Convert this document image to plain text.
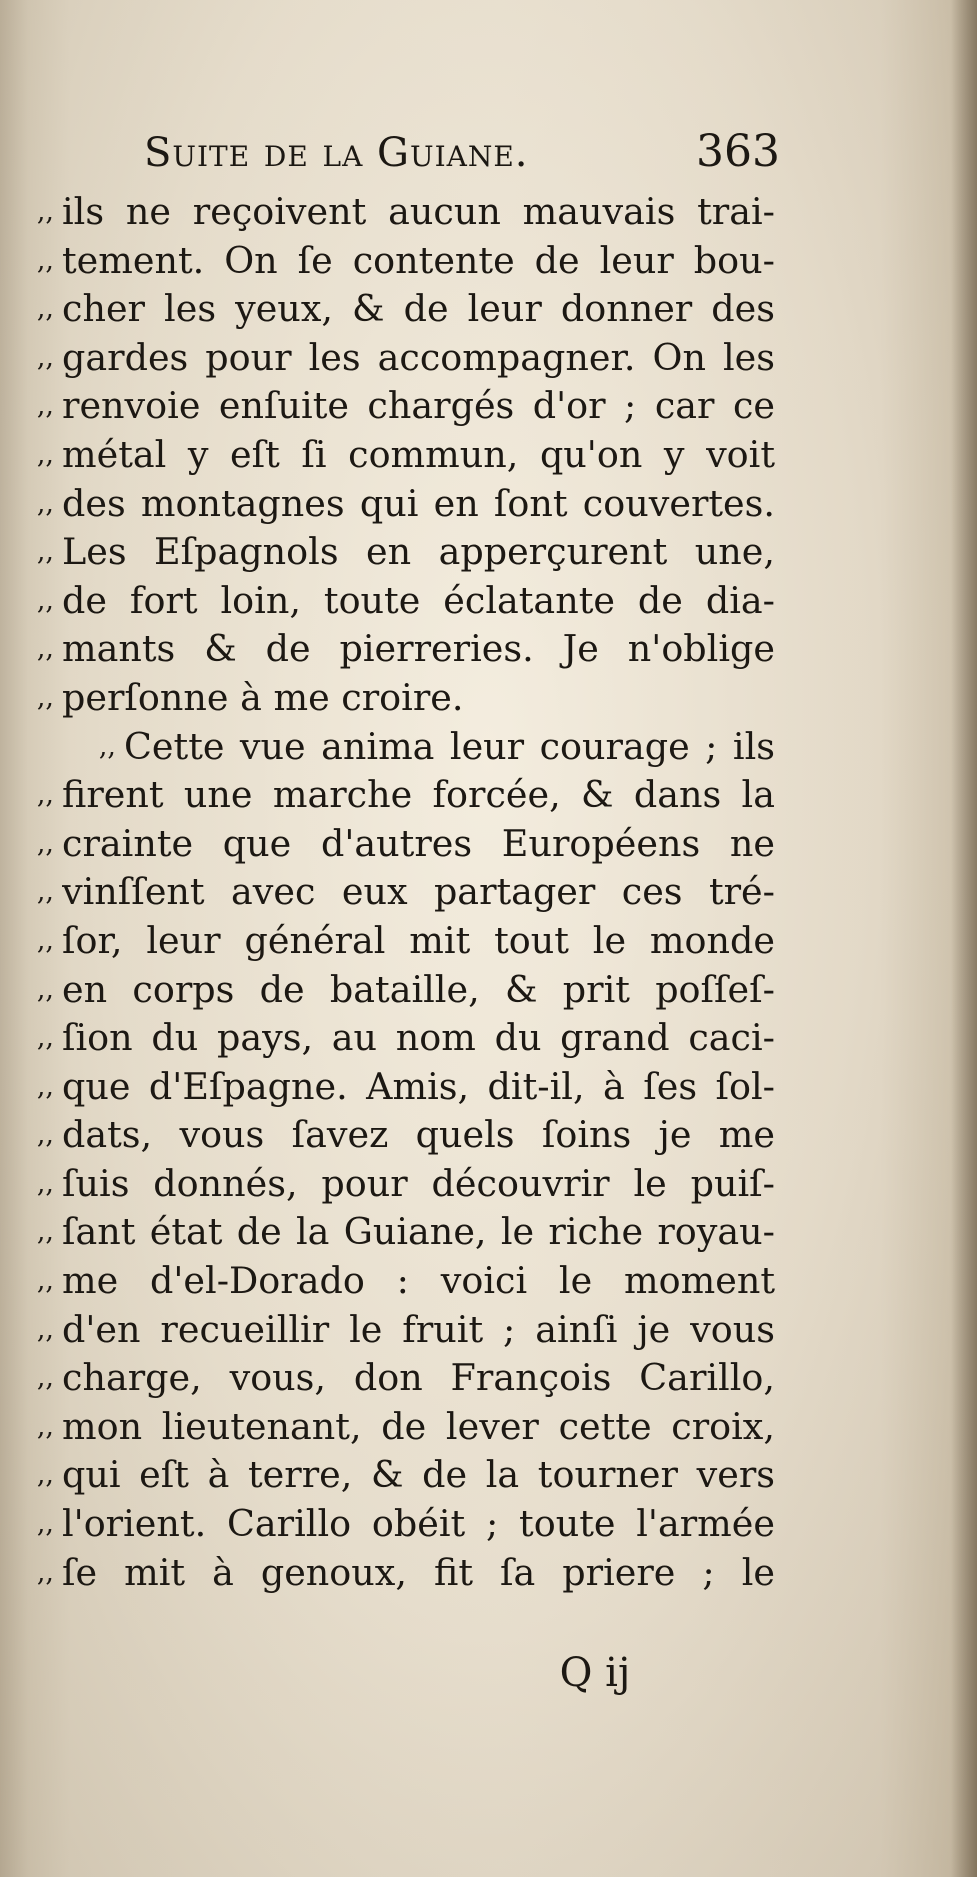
Suite de la Guiane.	363
,, ils ne reçoivent aucun mauvais trai-
,, tement. On ſe contente de leur bou-
,, cher les yeux, & de leur donner des
,, gardes pour les accompagner. On les
,, renvoie enſuite chargés d'or ; car ce
,, métal y eſt ſi commun, qu'on y voit
,, des montagnes qui en ſont couvertes.
,, Les Eſpagnols en apperçurent une,
,, de fort loin, toute éclatante de dia-
,, mants & de pierreries. Je n'oblige
,, perſonne à me croire.
,, Cette vue anima leur courage ; ils
,, firent une marche forcée, & dans la
,, crainte que d'autres Européens ne
,, vinſſent avec eux partager ces tré-
,, ſor, leur général mit tout le monde
,, en corps de bataille, & prit poſſeſ-
,, ſion du pays, au nom du grand caci-
,, que d'Eſpagne. Amis, dit-il, à ſes ſol-
,, dats, vous ſavez quels ſoins je me
,, ſuis donnés, pour découvrir le puiſ-
,, ſant état de la Guiane, le riche royau-
,, me d'el-Dorado : voici le moment
,, d'en recueillir le fruit ; ainſi je vous
,, charge, vous, don François Carillo,
,, mon lieutenant, de lever cette croix,
,, qui eſt à terre, & de la tourner vers
,, l'orient. Carillo obéit ; toute l'armée
,, ſe mit à genoux, fit ſa priere ; le
Q ij
